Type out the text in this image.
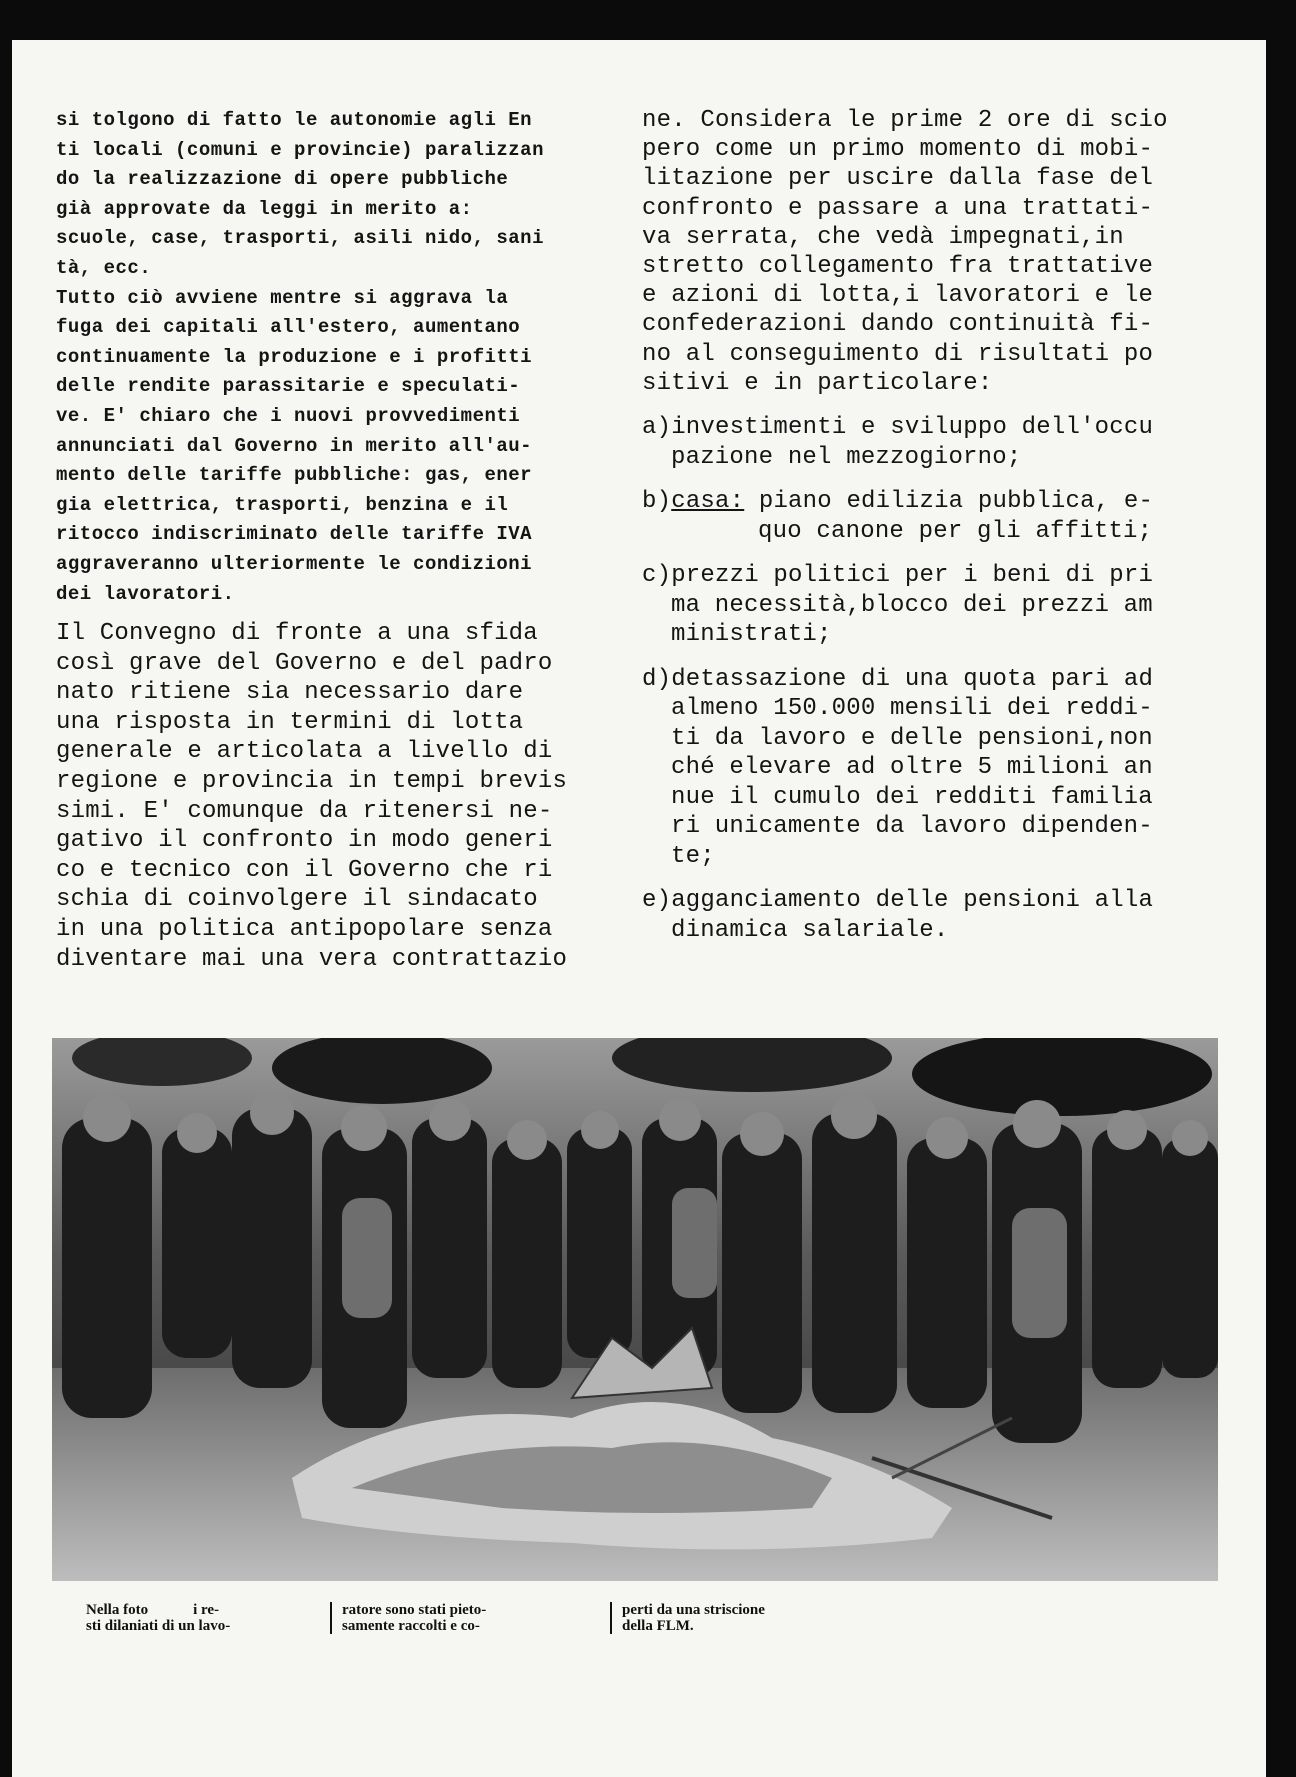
si tolgono di fatto le autonomie agli En
ti locali (comuni e provincie) paralizzan
do la realizzazione di opere pubbliche
già approvate da leggi in merito a:
scuole, case, trasporti, asili nido, sani
tà, ecc.
Tutto ciò avviene mentre si aggrava la
fuga dei capitali all'estero, aumentano
continuamente la produzione e i profitti
delle rendite parassitarie e speculati-
ve. E' chiaro che i nuovi provvedimenti
annunciati dal Governo in merito all'au-
mento delle tariffe pubbliche: gas, ener
gia elettrica, trasporti, benzina e il
ritocco indiscriminato delle tariffe IVA
aggraveranno ulteriormente le condizioni
dei lavoratori.
Il Convegno di fronte a una sfida
così grave del Governo e del padro
nato ritiene sia necessario dare
una risposta in termini di lotta
generale e articolata a livello di
regione e provincia in tempi brevis
simi. E' comunque da ritenersi ne-
gativo il confronto in modo generi
co e tecnico con il Governo che ri
schia di coinvolgere il sindacato
in una politica antipopolare senza
diventare mai una vera contrattazio
ne. Considera le prime 2 ore di scio
pero come un primo momento di mobi-
litazione per uscire dalla fase del
confronto e passare a una trattati-
va serrata, che vedà impegnati,in
stretto collegamento fra trattative
e azioni di lotta,i lavoratori e le
confederazioni dando continuità fi-
no al conseguimento di risultati po
sitivi e in particolare:
a)investimenti e sviluppo dell'occu
pazione nel mezzogiorno;
b)casa: piano edilizia pubblica, e-
quo canone per gli affitti;
c)prezzi politici per i beni di pri
ma necessità,blocco dei prezzi am
ministrati;
d)detassazione di una quota pari ad
almeno 150.000 mensili dei reddi-
ti da lavoro e delle pensioni,non
ché elevare ad oltre 5 milioni an
nue il cumulo dei redditi familia
ri unicamente da lavoro dipenden-
te;
e)agganciamento delle pensioni alla
dinamica salariale.
Nella foto            i re-
sti dilaniati di un lavo-
ratore sono stati pieto-
samente raccolti e co-
perti da una striscione
della FLM.
